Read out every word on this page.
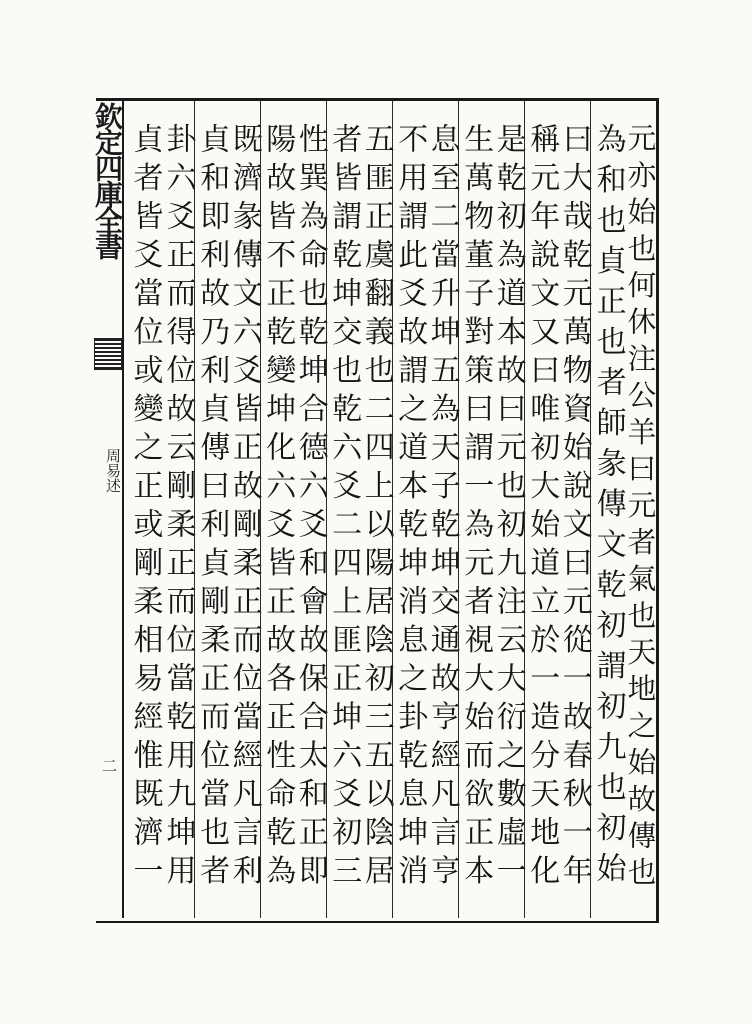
欽定四庫全書
周易述
二	為和也貞正也者師彖傳文乾初謂初九也初始
元亦始也何休注公羊曰元者氣也天地之始故傳也
稱元年說文又曰唯初大始道立於一造分天地化
曰大哉乾元萬物資始說文曰元從一故春秋一年
生萬物董子對策曰謂一為元者視大始而欲正本
是乾初為道本故曰元也初九注云大衍之數虛一
不用謂此爻故謂之道本乾坤消息之卦乾息坤消
息至二當升坤五為天子乾坤交通故亨經凡言亨
者皆謂乾坤交也乾六爻二四上匪正坤六爻初三
五匪正虞翻義也二四上以陽居陰初三五以陰居
陽故皆不正乾變坤化六爻皆正故各正性命乾為
性巽為命也乾坤合德六爻和會故保合太和正即
貞和即利故乃利貞傳曰利貞剛柔正而位當也者
既濟彖傳文六爻皆正故剛柔正而位當經凡言利
貞者皆爻當位或變之正或剛柔相易經惟既濟一
卦六爻正而得位故云剛柔正而位當乾用九坤用
